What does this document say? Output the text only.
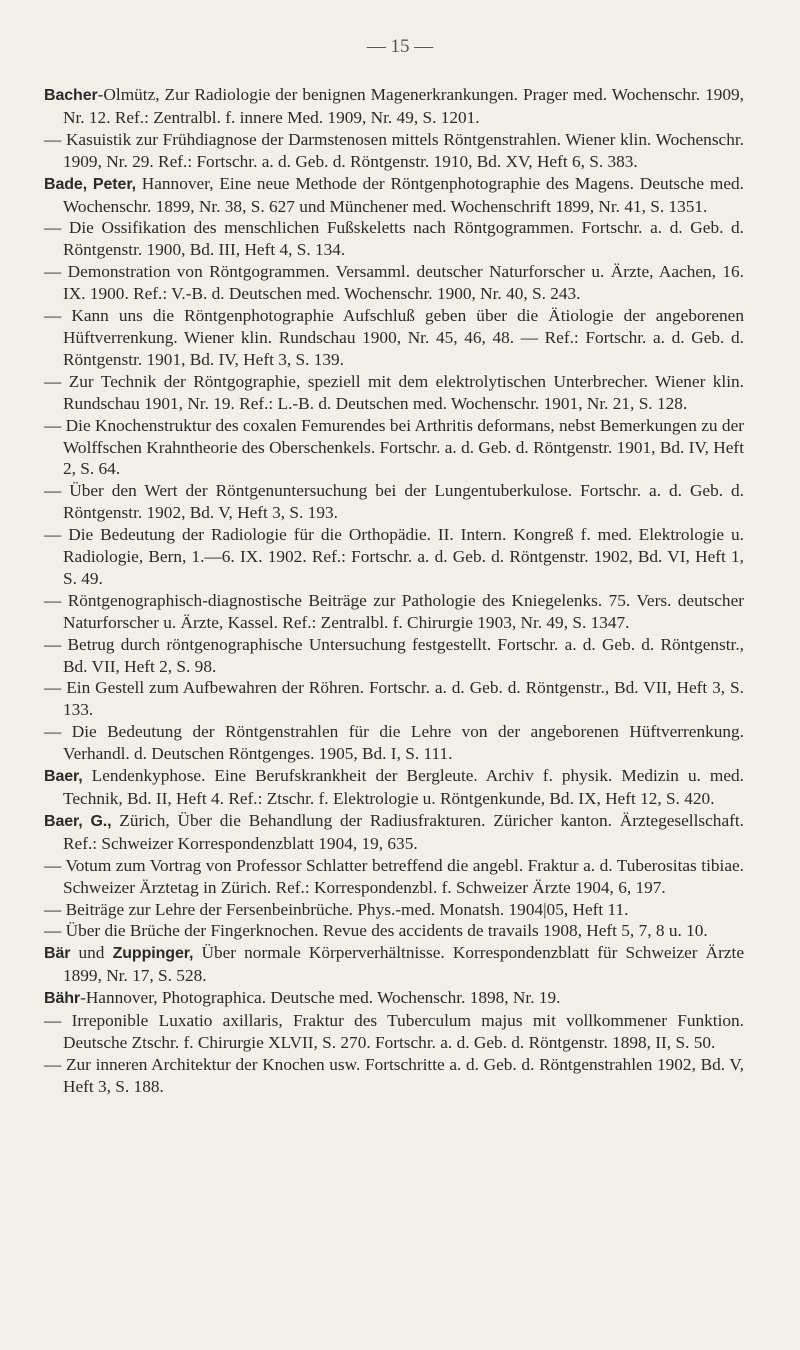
— 15 —

Bacher-Olmütz, Zur Radiologie der benignen Magenerkrankungen. Prager med. Wochenschr. 1909, Nr. 12. Ref.: Zentralbl. f. innere Med. 1909, Nr. 49, S. 1201.

— Kasuistik zur Frühdiagnose der Darmstenosen mittels Röntgenstrahlen. Wiener klin. Wochenschr. 1909, Nr. 29. Ref.: Fortschr. a. d. Geb. d. Röntgenstr. 1910, Bd. XV, Heft 6, S. 383.

Bade, Peter, Hannover, Eine neue Methode der Röntgenphotographie des Magens. Deutsche med. Wochenschr. 1899, Nr. 38, S. 627 und Münchener med. Wochenschrift 1899, Nr. 41, S. 1351.

— Die Ossifikation des menschlichen Fußskeletts nach Röntgogrammen. Fortschr. a. d. Geb. d. Röntgenstr. 1900, Bd. III, Heft 4, S. 134.

— Demonstration von Röntgogrammen. Versamml. deutscher Naturforscher u. Ärzte, Aachen, 16. IX. 1900. Ref.: V.-B. d. Deutschen med. Wochenschr. 1900, Nr. 40, S. 243.

— Kann uns die Röntgenphotographie Aufschluß geben über die Ätiologie der angeborenen Hüftverrenkung. Wiener klin. Rundschau 1900, Nr. 45, 46, 48. — Ref.: Fortschr. a. d. Geb. d. Röntgenstr. 1901, Bd. IV, Heft 3, S. 139.

— Zur Technik der Röntgographie, speziell mit dem elektrolytischen Unterbrecher. Wiener klin. Rundschau 1901, Nr. 19. Ref.: L.-B. d. Deutschen med. Wochenschr. 1901, Nr. 21, S. 128.

— Die Knochenstruktur des coxalen Femurendes bei Arthritis deformans, nebst Bemerkungen zu der Wolffschen Krahntheorie des Oberschenkels. Fortschr. a. d. Geb. d. Röntgenstr. 1901, Bd. IV, Heft 2, S. 64.

— Über den Wert der Röntgenuntersuchung bei der Lungentuberkulose. Fortschr. a. d. Geb. d. Röntgenstr. 1902, Bd. V, Heft 3, S. 193.

— Die Bedeutung der Radiologie für die Orthopädie. II. Intern. Kongreß f. med. Elektrologie u. Radiologie, Bern, 1.—6. IX. 1902. Ref.: Fortschr. a. d. Geb. d. Röntgenstr. 1902, Bd. VI, Heft 1, S. 49.

— Röntgenographisch-diagnostische Beiträge zur Pathologie des Kniegelenks. 75. Vers. deutscher Naturforscher u. Ärzte, Kassel. Ref.: Zentralbl. f. Chirurgie 1903, Nr. 49, S. 1347.

— Betrug durch röntgenographische Untersuchung festgestellt. Fortschr. a. d. Geb. d. Röntgenstr., Bd. VII, Heft 2, S. 98.

— Ein Gestell zum Aufbewahren der Röhren. Fortschr. a. d. Geb. d. Röntgenstr., Bd. VII, Heft 3, S. 133.

— Die Bedeutung der Röntgenstrahlen für die Lehre von der angeborenen Hüftverrenkung. Verhandl. d. Deutschen Röntgenges. 1905, Bd. I, S. 111.

Baer, Lendenkyphose. Eine Berufskrankheit der Bergleute. Archiv f. physik. Medizin u. med. Technik, Bd. II, Heft 4. Ref.: Ztschr. f. Elektrologie u. Röntgenkunde, Bd. IX, Heft 12, S. 420.

Baer, G., Zürich, Über die Behandlung der Radiusfrakturen. Züricher kanton. Ärztegesellschaft. Ref.: Schweizer Korrespondenzblatt 1904, 19, 635.

— Votum zum Vortrag von Professor Schlatter betreffend die angebl. Fraktur a. d. Tuberositas tibiae. Schweizer Ärztetag in Zürich. Ref.: Korrespondenzbl. f. Schweizer Ärzte 1904, 6, 197.

— Beiträge zur Lehre der Fersenbeinbrüche. Phys.-med. Monatsh. 1904|05, Heft 11.

— Über die Brüche der Fingerknochen. Revue des accidents de travails 1908, Heft 5, 7, 8 u. 10.

Bär und Zuppinger, Über normale Körperverhältnisse. Korrespondenzblatt für Schweizer Ärzte 1899, Nr. 17, S. 528.

Bähr-Hannover, Photographica. Deutsche med. Wochenschr. 1898, Nr. 19.

— Irreponible Luxatio axillaris, Fraktur des Tuberculum majus mit vollkommener Funktion. Deutsche Ztschr. f. Chirurgie XLVII, S. 270. Fortschr. a. d. Geb. d. Röntgenstr. 1898, II, S. 50.

— Zur inneren Architektur der Knochen usw. Fortschritte a. d. Geb. d. Röntgenstrahlen 1902, Bd. V, Heft 3, S. 188.
